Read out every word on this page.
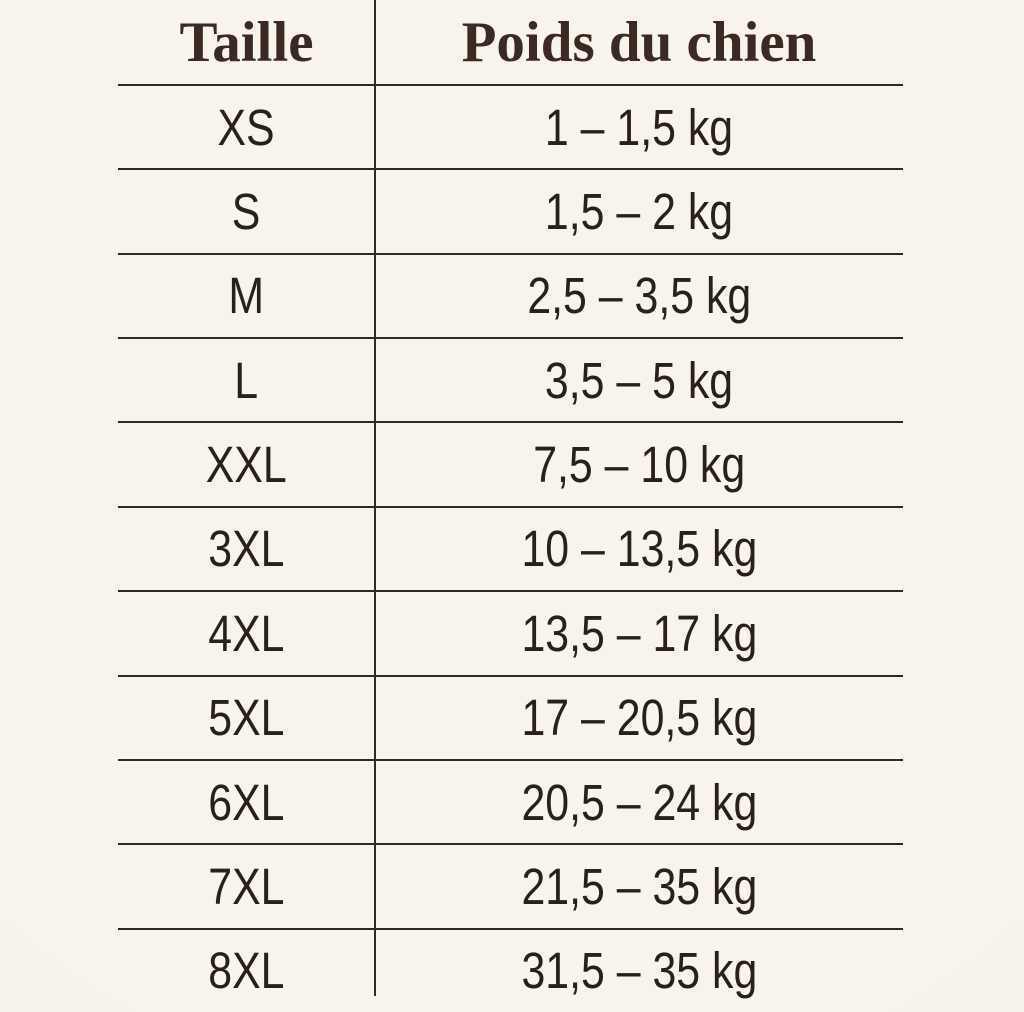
Taille	Poids du chien
XS	1 – 1,5 kg
S	1,5 – 2 kg
M	2,5 – 3,5 kg
L	3,5 – 5 kg
XXL	7,5 – 10 kg
3XL	10 – 13,5 kg
4XL	13,5 – 17 kg
5XL	17 – 20,5 kg
6XL	20,5 – 24 kg
7XL	21,5 – 35 kg
8XL	31,5 – 35 kg
